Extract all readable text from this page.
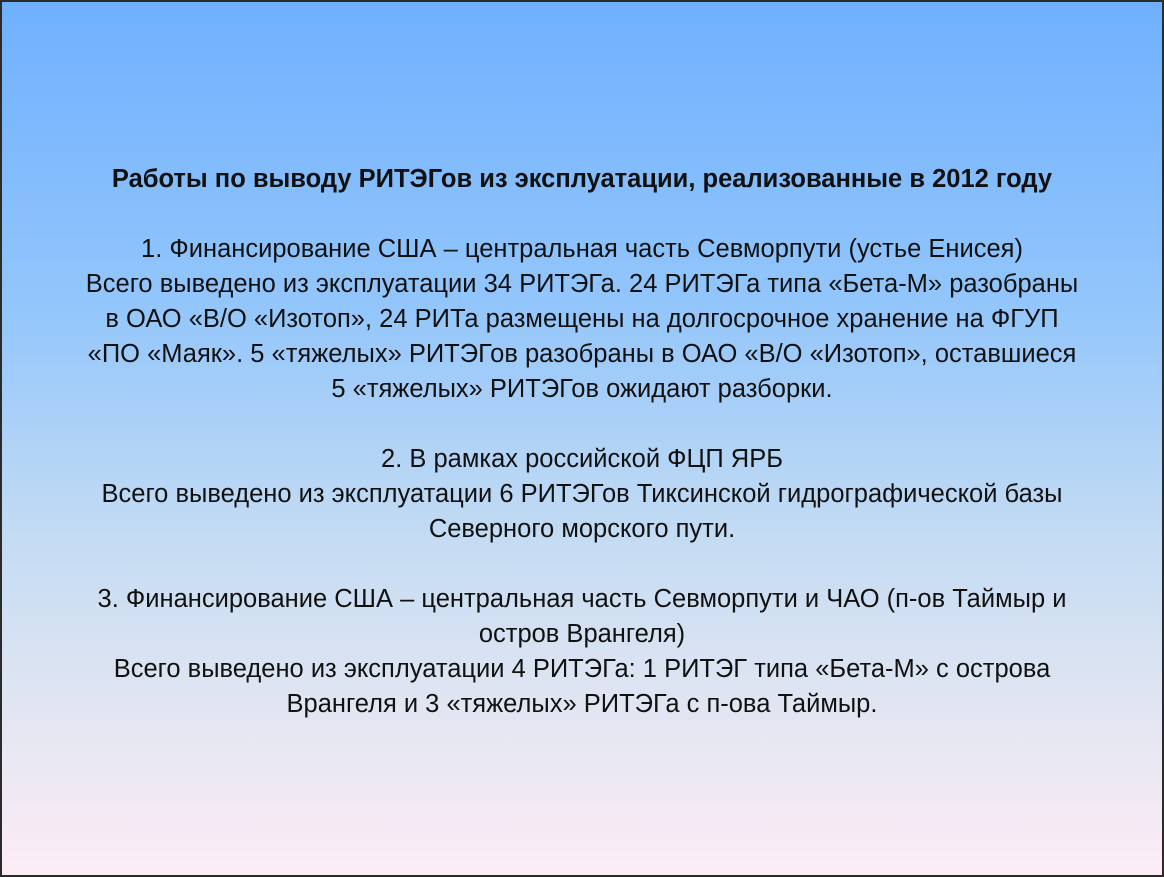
Работы по выводу РИТЭГов из эксплуатации, реализованные в 2012 году
1. Финансирование США – центральная часть Севморпути (устье Енисея)
Всего выведено из эксплуатации 34 РИТЭГа. 24 РИТЭГа типа «Бета-М» разобраны
в ОАО «В/О «Изотоп», 24 РИТа размещены на долгосрочное хранение на ФГУП
«ПО «Маяк». 5 «тяжелых» РИТЭГов разобраны в ОАО «В/О «Изотоп», оставшиеся
5 «тяжелых» РИТЭГов ожидают разборки.
2. В рамках российской ФЦП ЯРБ
Всего выведено из эксплуатации 6 РИТЭГов Тиксинской гидрографической базы
Северного морского пути.
3. Финансирование США – центральная часть Севморпути и ЧАО (п-ов Таймыр и
остров Врангеля)
Всего выведено из эксплуатации 4 РИТЭГа: 1 РИТЭГ типа «Бета-М» с острова
Врангеля и 3 «тяжелых» РИТЭГа с п-ова Таймыр.
